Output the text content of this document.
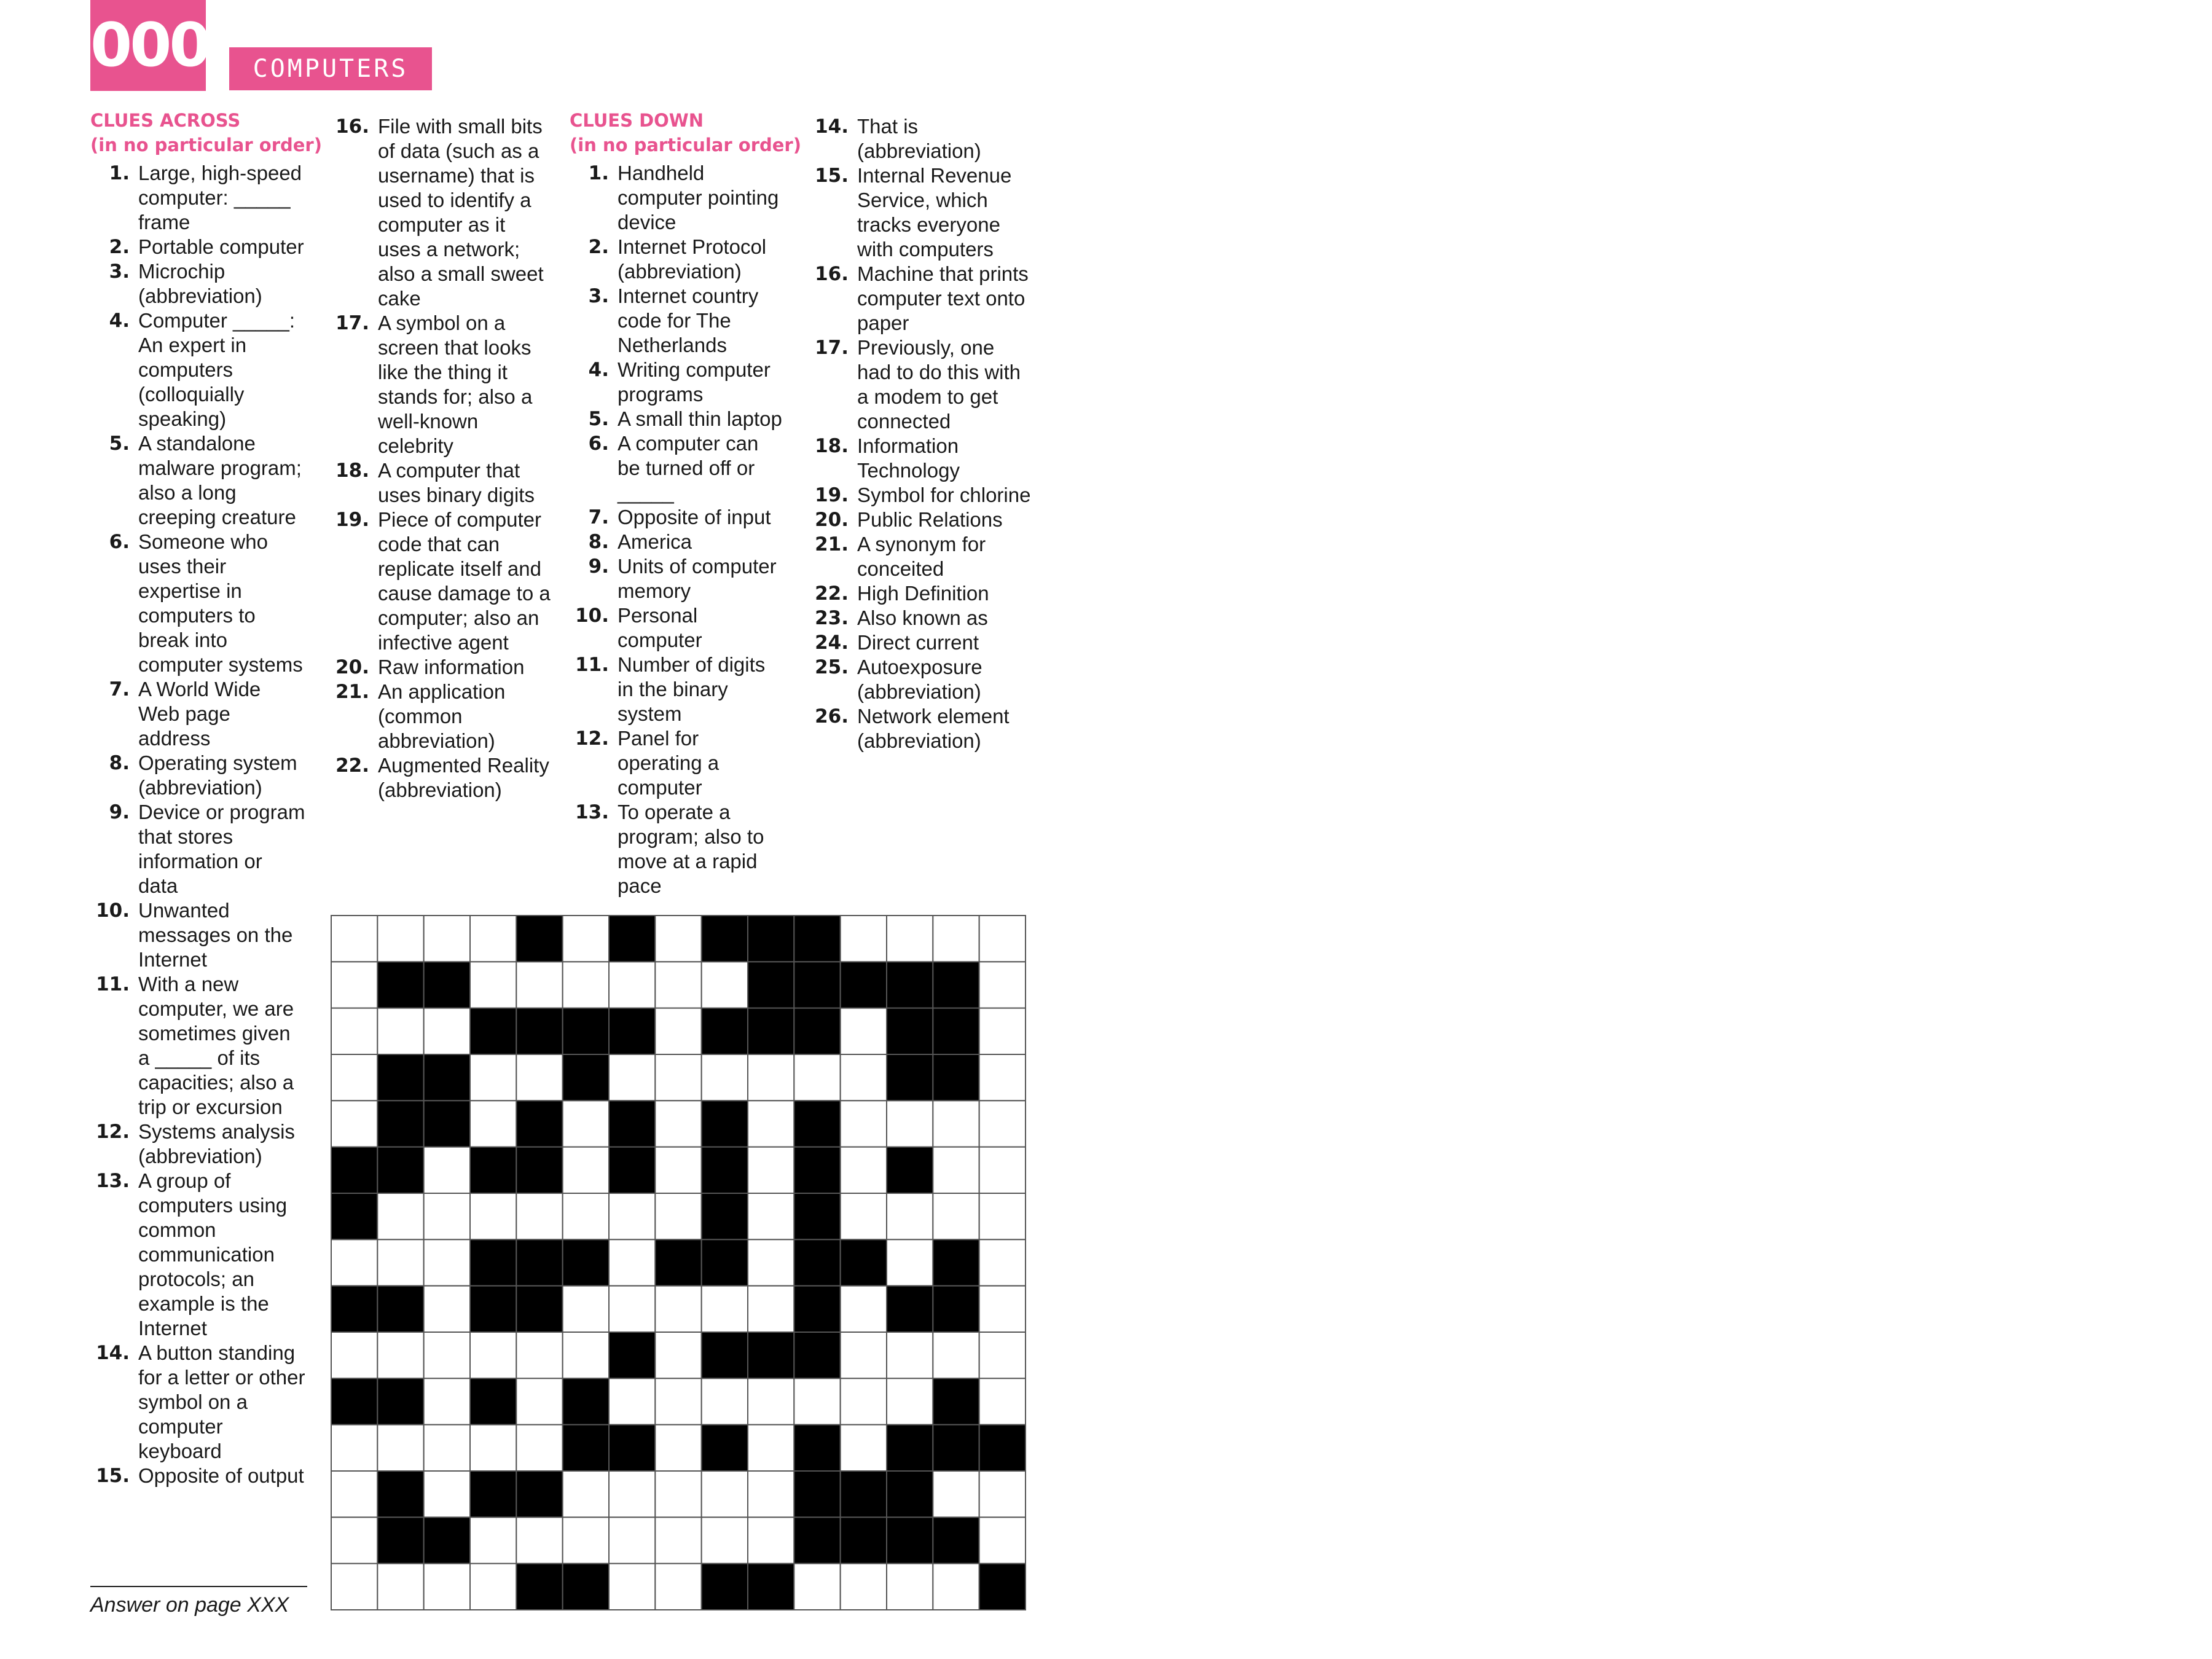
000	COMPUTERS
CLUES ACROSS
(in no particular order)
CLUES DOWN
(in no particular order)
1. Large, high-speed computer: _____ frame
2. Portable computer
3. Microchip (abbreviation)
4. Computer _____: An expert in computers (colloquially speaking)
5. A standalone malware program; also a long creeping creature
6. Someone who uses their expertise in computers to break into computer systems
7. A World Wide Web page address
8. Operating system (abbreviation)
9. Device or program that stores information or data
10. Unwanted messages on the Internet
11. With a new computer, we are sometimes given a _____ of its capacities; also a trip or excursion
12. Systems analysis (abbreviation)
13. A group of computers using common communication protocols; an example is the Internet
14. A button standing for a letter or other symbol on a computer keyboard
15. Opposite of output
16. File with small bits of data (such as a username) that is used to identify a computer as it uses a network; also a small sweet cake
17. A symbol on a screen that looks like the thing it stands for; also a well-known celebrity
18. A computer that uses binary digits
19. Piece of computer code that can replicate itself and cause damage to a computer; also an infective agent
20. Raw information
21. An application (common abbreviation)
22. Augmented Reality (abbreviation)
1. Handheld computer pointing device
2. Internet Protocol (abbreviation)
3. Internet country code for The Netherlands
4. Writing computer programs
5. A small thin laptop
6. A computer can be turned off or _____
7. Opposite of input
8. America
9. Units of computer memory
10. Personal computer
11. Number of digits in the binary system
12. Panel for operating a computer
13. To operate a program; also to move at a rapid pace
14. That is (abbreviation)
15. Internal Revenue Service, which tracks everyone with computers
16. Machine that prints computer text onto paper
17. Previously, one had to do this with a modem to get connected
18. Information Technology
19. Symbol for chlorine
20. Public Relations
21. A synonym for conceited
22. High Definition
23. Also known as
24. Direct current
25. Autoexposure (abbreviation)
26. Network element (abbreviation)
Answer on page XXX
